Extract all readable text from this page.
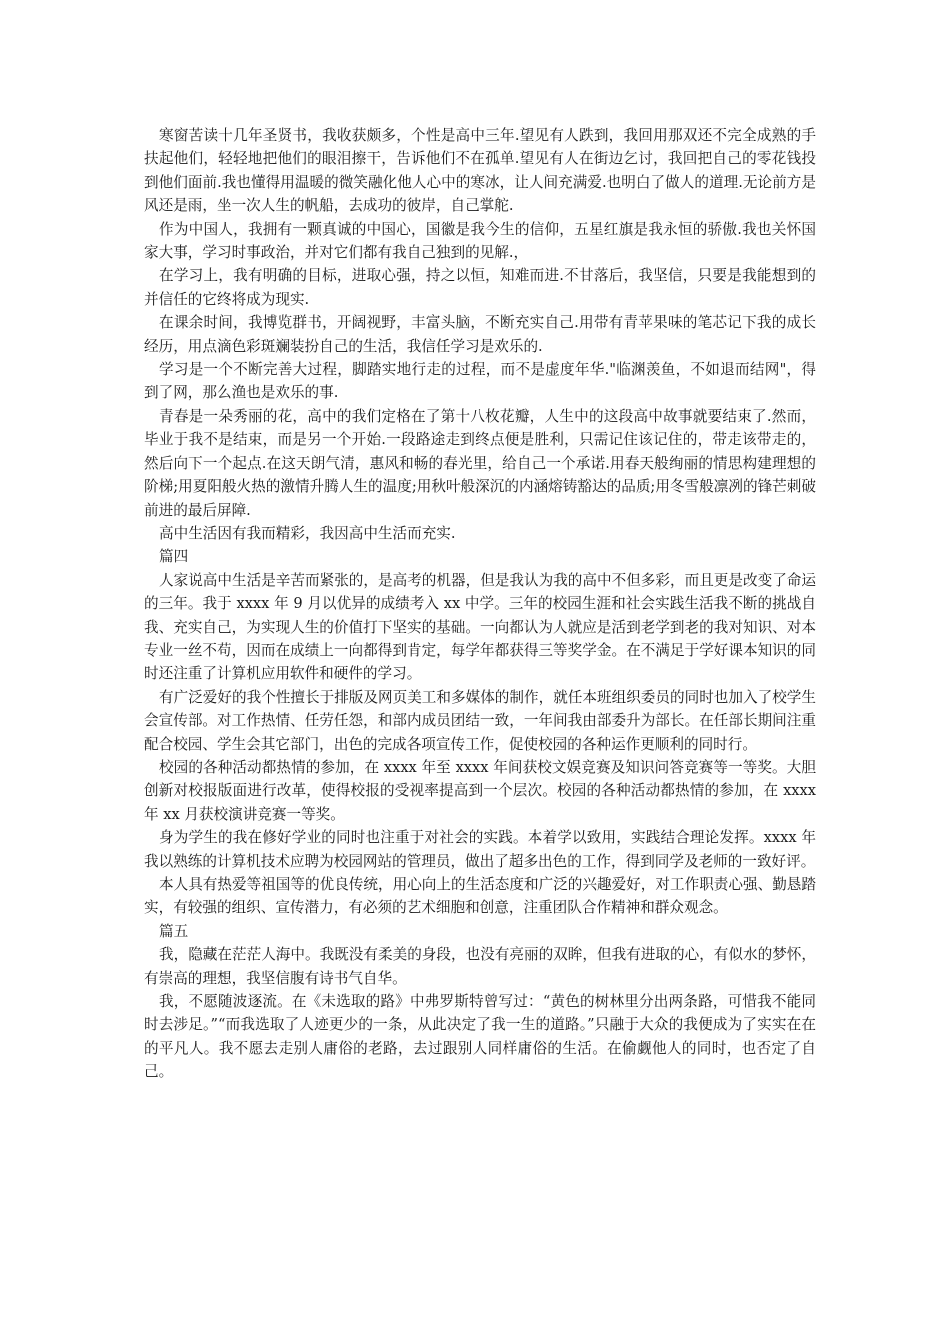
寒窗苦读十几年圣贤书，我收获颇多，个性是高中三年.望见有人跌到，我回用那双还不完全成熟的手扶起他们，轻轻地把他们的眼泪擦干，告诉他们不在孤单.望见有人在街边乞讨，我回把自己的零花钱投到他们面前.我也懂得用温暖的微笑融化他人心中的寒冰，让人间充满爱.也明白了做人的道理.无论前方是风还是雨，坐一次人生的帆船，去成功的彼岸，自己掌舵.

作为中国人，我拥有一颗真诚的中国心，国徽是我今生的信仰，五星红旗是我永恒的骄傲.我也关怀国家大事，学习时事政治，并对它们都有我自己独到的见解.，

在学习上，我有明确的目标，进取心强，持之以恒，知难而进.不甘落后，我坚信，只要是我能想到的并信任的它终将成为现实.

在课余时间，我博览群书，开阔视野，丰富头脑，不断充实自己.用带有青苹果味的笔芯记下我的成长经历，用点滴色彩斑斓装扮自己的生活，我信任学习是欢乐的.

学习是一个不断完善大过程，脚踏实地行走的过程，而不是虚度年华."临渊羡鱼，不如退而结网"，得到了网，那么渔也是欢乐的事.

青春是一朵秀丽的花，高中的我们定格在了第十八枚花瓣，人生中的这段高中故事就要结束了.然而，毕业于我不是结束，而是另一个开始.一段路途走到终点便是胜利，只需记住该记住的，带走该带走的，然后向下一个起点.在这天朗气清，惠风和畅的春光里，给自己一个承诺.用春天般绚丽的情思构建理想的阶梯;用夏阳般火热的激情升腾人生的温度;用秋叶般深沉的内涵熔铸豁达的品质;用冬雪般凛冽的锋芒刺破前进的最后屏障.

高中生活因有我而精彩，我因高中生活而充实.

篇四

人家说高中生活是辛苦而紧张的，是高考的机器，但是我认为我的高中不但多彩，而且更是改变了命运的三年。我于 xxxx 年 9 月以优异的成绩考入 xx 中学。三年的校园生涯和社会实践生活我不断的挑战自我、充实自己，为实现人生的价值打下坚实的基础。一向都认为人就应是活到老学到老的我对知识、对本专业一丝不苟，因而在成绩上一向都得到肯定，每学年都获得三等奖学金。在不满足于学好课本知识的同时还注重了计算机应用软件和硬件的学习。

有广泛爱好的我个性擅长于排版及网页美工和多媒体的制作，就任本班组织委员的同时也加入了校学生会宣传部。对工作热情、任劳任怨，和部内成员团结一致，一年间我由部委升为部长。在任部长期间注重配合校园、学生会其它部门，出色的完成各项宣传工作，促使校园的各种运作更顺利的同时行。

校园的各种活动都热情的参加，在 xxxx 年至 xxxx 年间获校文娱竞赛及知识问答竞赛等一等奖。大胆创新对校报版面进行改革，使得校报的受视率提高到一个层次。校园的各种活动都热情的参加，在 xxxx 年 xx 月获校演讲竞赛一等奖。

身为学生的我在修好学业的同时也注重于对社会的实践。本着学以致用，实践结合理论发挥。xxxx 年我以熟练的计算机技术应聘为校园网站的管理员，做出了超多出色的工作，得到同学及老师的一致好评。

本人具有热爱等祖国等的优良传统，用心向上的生活态度和广泛的兴趣爱好，对工作职责心强、勤恳踏实，有较强的组织、宣传潜力，有必须的艺术细胞和创意，注重团队合作精神和群众观念。

篇五

我，隐藏在茫茫人海中。我既没有柔美的身段，也没有亮丽的双眸，但我有进取的心，有似水的梦怀，有崇高的理想，我坚信腹有诗书气自华。

我，不愿随波逐流。在《未选取的路》中弗罗斯特曾写过：“黄色的树林里分出两条路，可惜我不能同时去涉足。”“而我选取了人迹更少的一条，从此决定了我一生的道路。”只融于大众的我便成为了实实在在的平凡人。我不愿去走别人庸俗的老路，去过跟别人同样庸俗的生活。在偷觑他人的同时，也否定了自己。
